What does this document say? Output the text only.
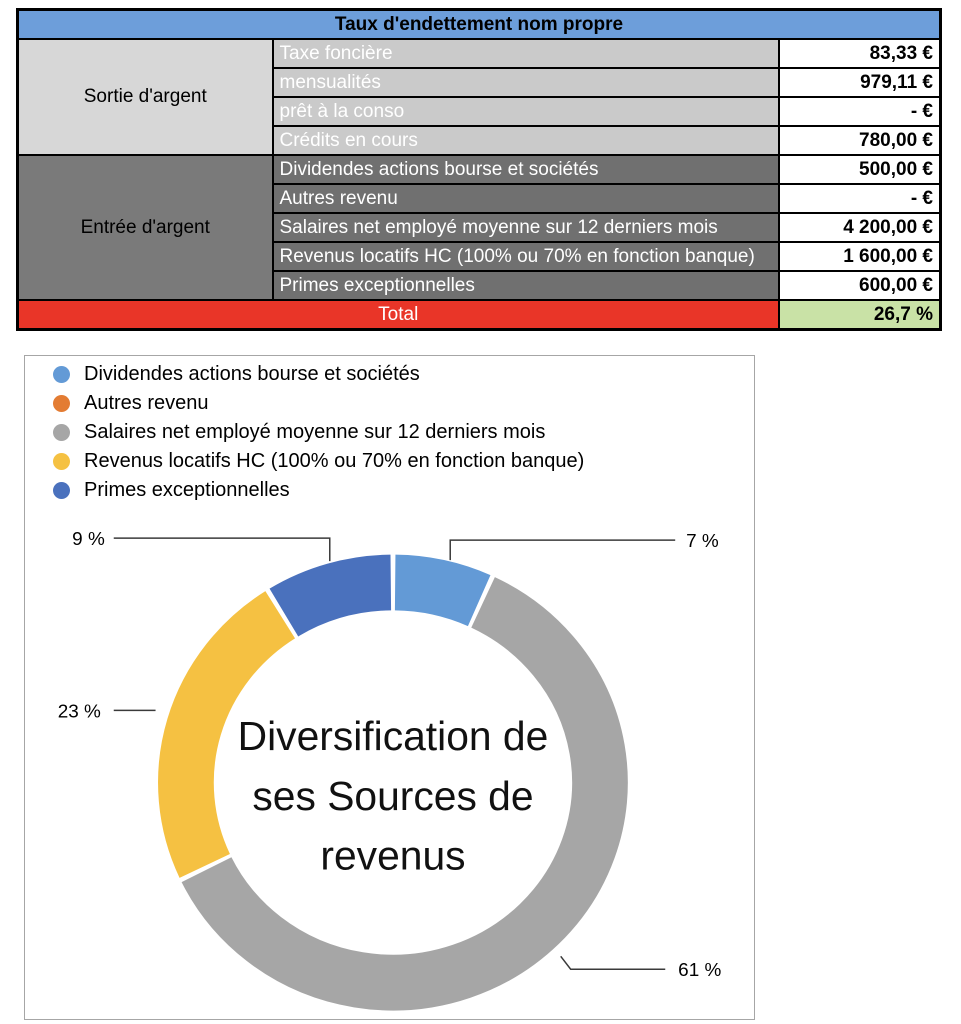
Taux d'endettement nom propre		
Sortie d'argent	Taxe foncière	83,33 €
	mensualités	979,11 €
	prêt à la conso	- €
	Crédits en cours	780,00 €
Entrée d'argent	Dividendes actions bourse et sociétés	500,00 €
	Autres revenu	- €
	Salaires net employé moyenne sur 12 derniers mois	4 200,00 €
	Revenus locatifs HC (100% ou 70% en fonction banque)	1 600,00 €
	Primes exceptionnelles	600,00 €
Total		26,7 %
Dividendes actions bourse et sociétés
Autres revenu
Salaires net employé moyenne sur 12 derniers mois
Revenus locatifs HC (100% ou 70% en fonction banque)
Primes exceptionnelles
9 %	7 %
23 %
61 %
Diversification de
ses Sources de
revenus
